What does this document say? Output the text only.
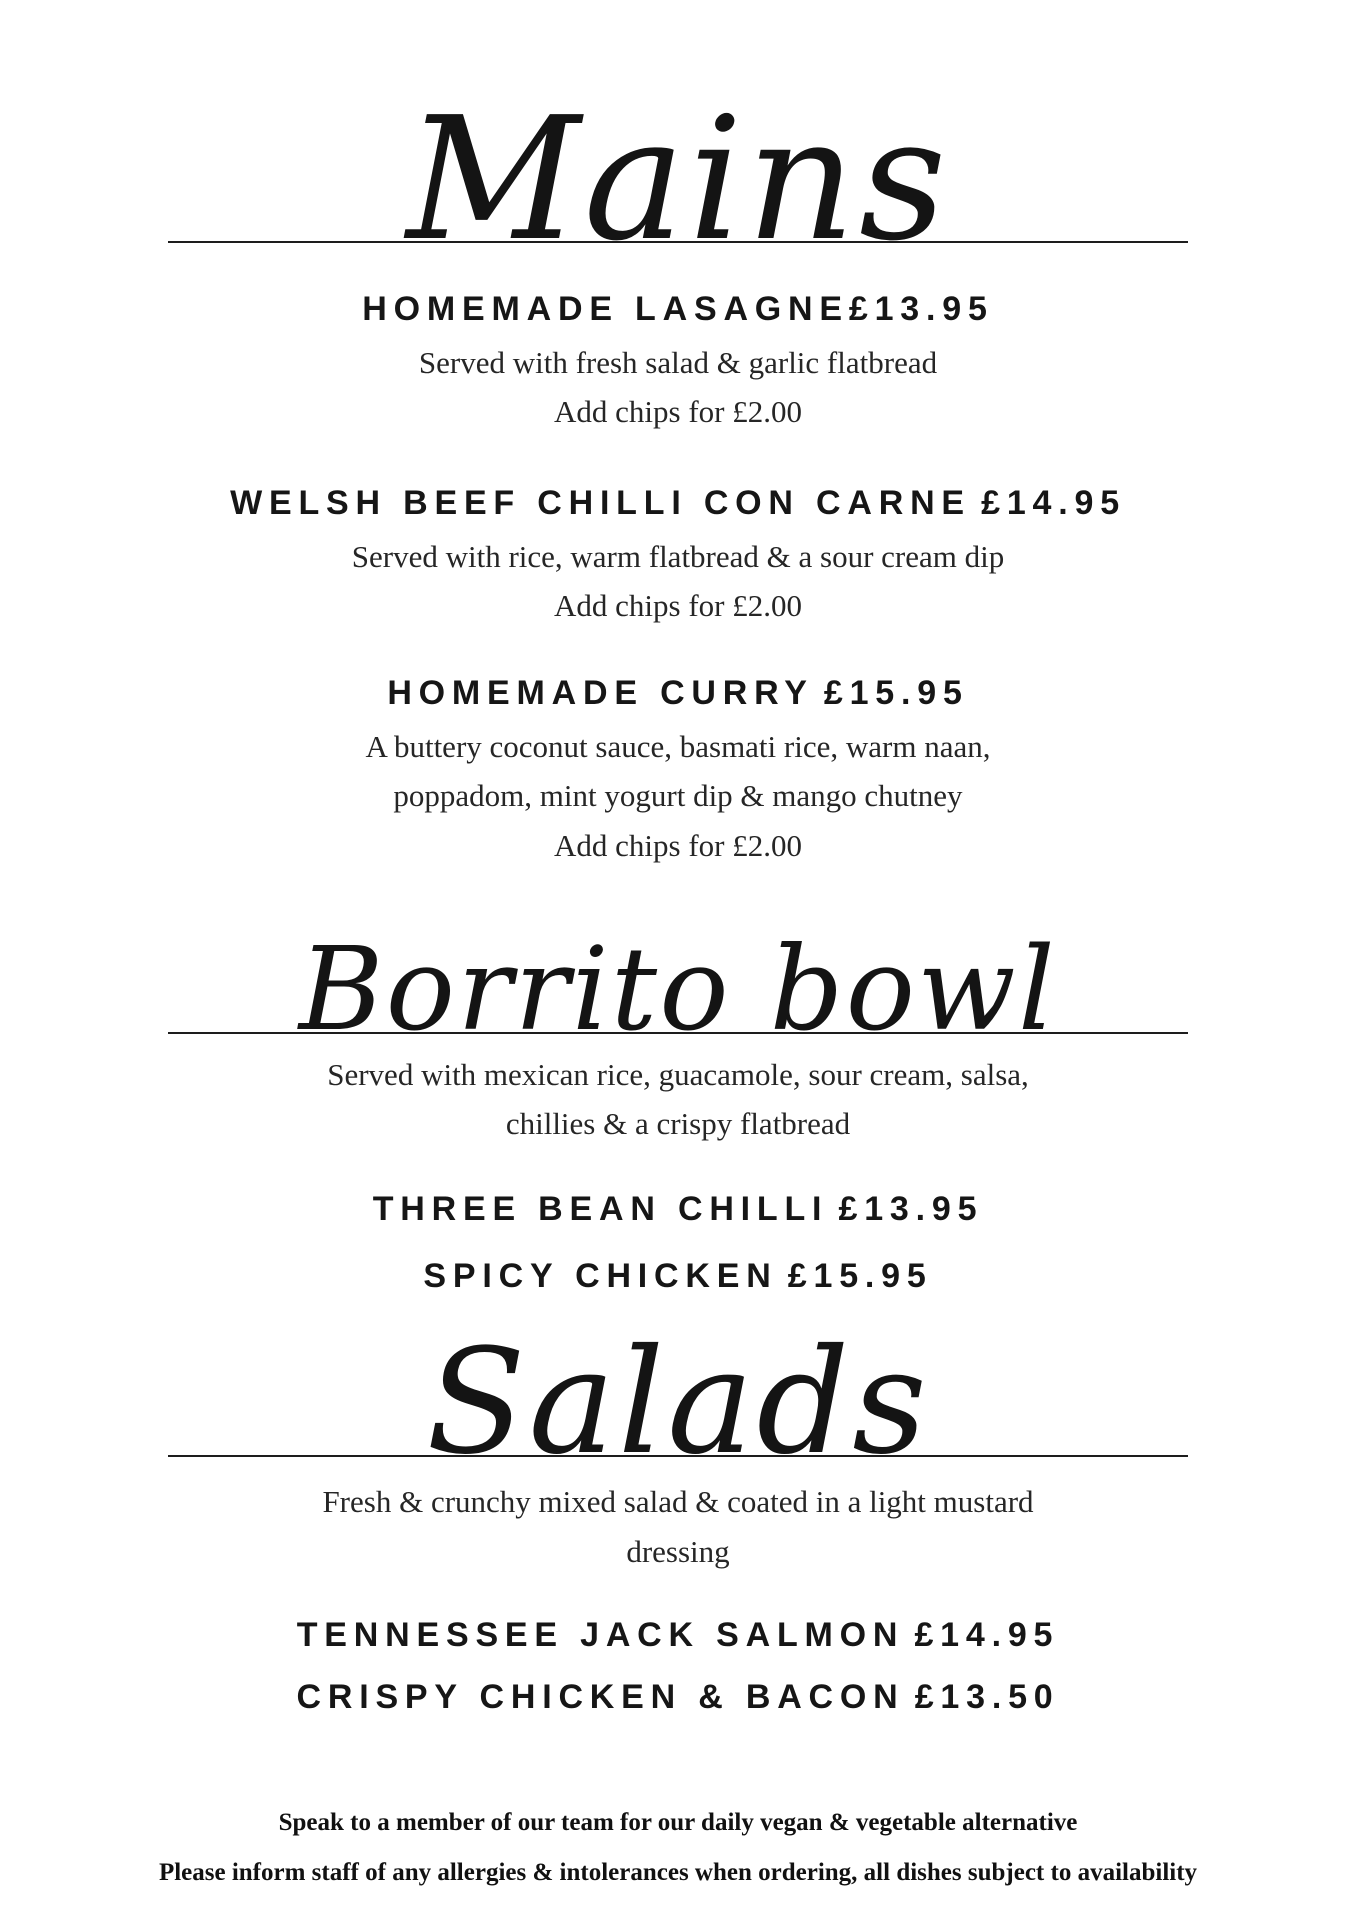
Mains
HOMEMADE LASAGNE£13.95

Served with fresh salad & garlic flatbread

Add chips for £2.00

WELSH BEEF CHILLI CON CARNE £14.95

Served with rice, warm flatbread & a sour cream dip

Add chips for £2.00

HOMEMADE CURRY £15.95

A buttery coconut sauce, basmati rice, warm naan,

poppadom, mint yogurt dip & mango chutney

Add chips for £2.00

Borrito bowl

Served with mexican rice, guacamole, sour cream, salsa,

chillies & a crispy flatbread

THREE BEAN CHILLI £13.95
SPICY CHICKEN £15.95
Salads

Fresh & crunchy mixed salad & coated in a light mustard

dressing

TENNESSEE JACK SALMON £14.95
CRISPY CHICKEN & BACON £13.50

Speak to a member of our team for our daily vegan & vegetable alternative

Please inform staff of any allergies & intolerances when ordering, all dishes subject to availability
